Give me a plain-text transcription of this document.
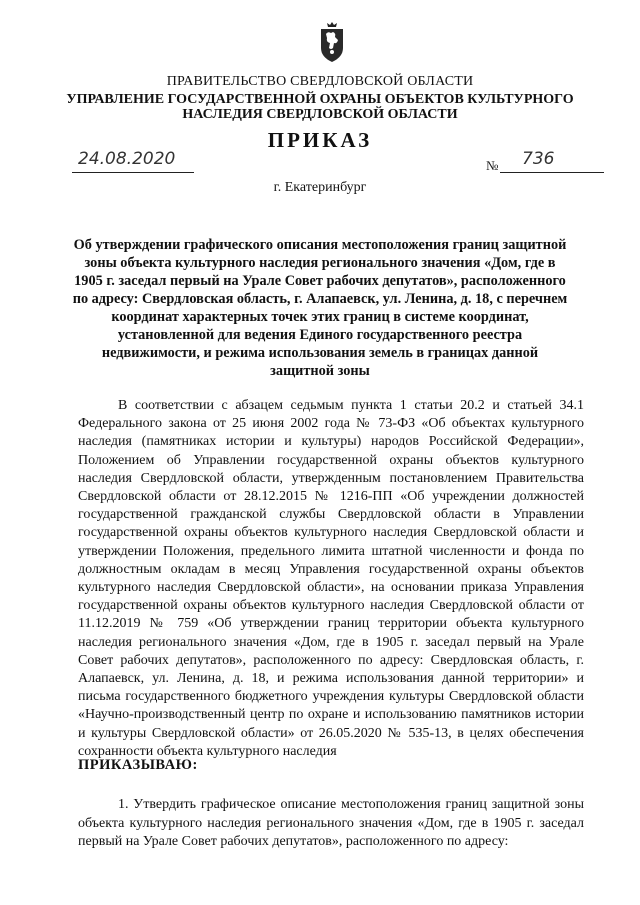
ПРАВИТЕЛЬСТВО СВЕРДЛОВСКОЙ ОБЛАСТИ
УПРАВЛЕНИЕ ГОСУДАРСТВЕННОЙ ОХРАНЫ ОБЪЕКТОВ КУЛЬТУРНОГО НАСЛЕДИЯ СВЕРДЛОВСКОЙ ОБЛАСТИ
ПРИКАЗ
24.08.2020	№ 736
г. Екатеринбург
Об утверждении графического описания местоположения границ защитной зоны объекта культурного наследия регионального значения «Дом, где в 1905 г. заседал первый на Урале Совет рабочих депутатов», расположенного по адресу: Свердловская область, г. Алапаевск, ул. Ленина, д. 18, с перечнем координат характерных точек этих границ в системе координат, установленной для ведения Единого государственного реестра недвижимости, и режима использования земель в границах данной защитной зоны

В соответствии с абзацем седьмым пункта 1 статьи 20.2 и статьей 34.1 Федерального закона от 25 июня 2002 года № 73-ФЗ «Об объектах культурного наследия (памятниках истории и культуры) народов Российской Федерации», Положением об Управлении государственной охраны объектов культурного наследия Свердловской области, утвержденным постановлением Правительства Свердловской области от 28.12.2015 № 1216-ПП «Об учреждении должностей государственной гражданской службы Свердловской области в Управлении государственной охраны объектов культурного наследия Свердловской области и утверждении Положения, предельного лимита штатной численности и фонда по должностным окладам в месяц Управления государственной охраны объектов культурного наследия Свердловской области», на основании приказа Управления государственной охраны объектов культурного наследия Свердловской области от 11.12.2019 № 759 «Об утверждении границ территории объекта культурного наследия регионального значения «Дом, где в 1905 г. заседал первый на Урале Совет рабочих депутатов», расположенного по адресу: Свердловская область, г. Алапаевск, ул. Ленина, д. 18, и режима использования данной территории» и письма государственного бюджетного учреждения культуры Свердловской области «Научно-производственный центр по охране и использованию памятников истории и культуры Свердловской области» от 26.05.2020 № 535-13, в целях обеспечения сохранности объекта культурного наследия

ПРИКАЗЫВАЮ:

1. Утвердить графическое описание местоположения границ защитной зоны объекта культурного наследия регионального значения «Дом, где в 1905 г. заседал первый на Урале Совет рабочих депутатов», расположенного по адресу:
